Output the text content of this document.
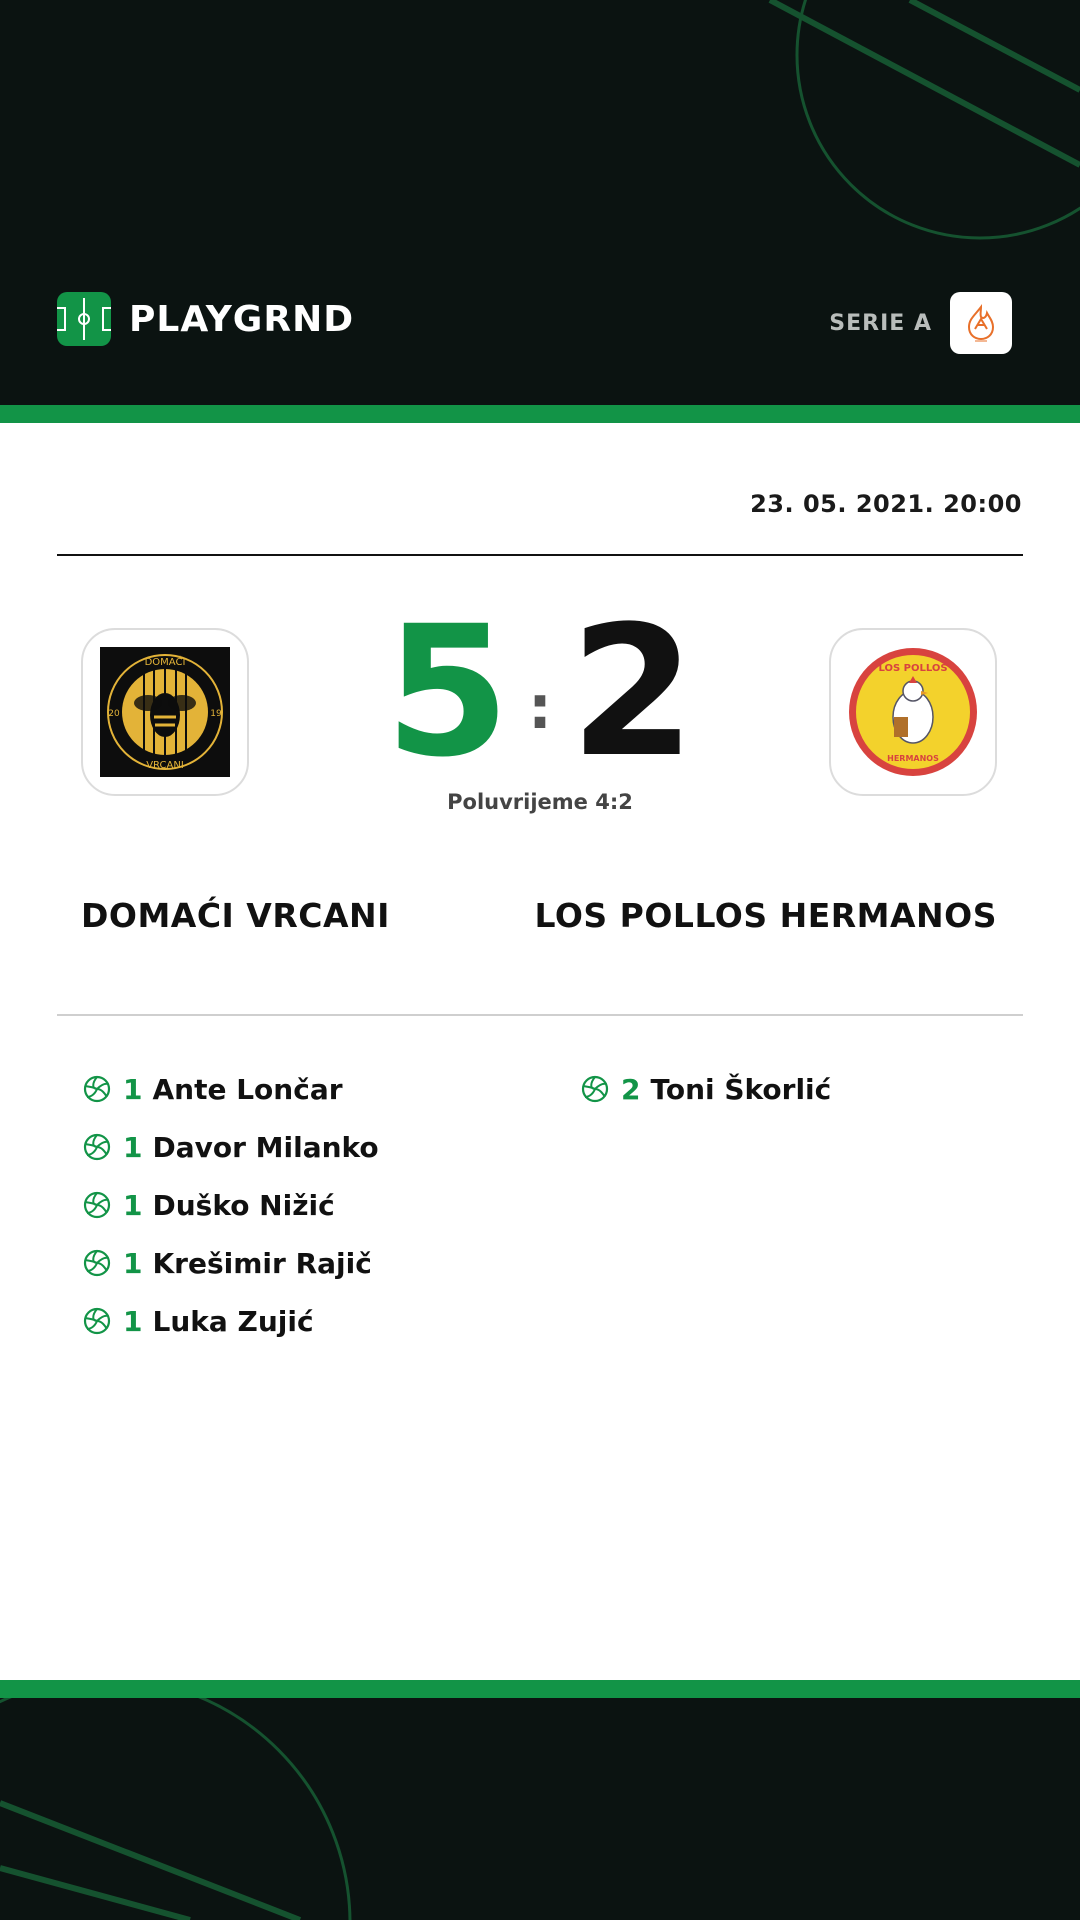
PLAYGRND	SERIE A
23. 05. 2021. 20:00
DOMAĆI
VRCANI
20	19 5 : 2
Poluvrijeme 4:2
LOS POLLOS
HERMANOS
DOMAĆI VRCANI	LOS POLLOS HERMANOS
1 Ante Lončar
1 Davor Milanko
1 Duško Nižić
1 Krešimir Rajič
1 Luka Zujić
2 Toni Škorlić
